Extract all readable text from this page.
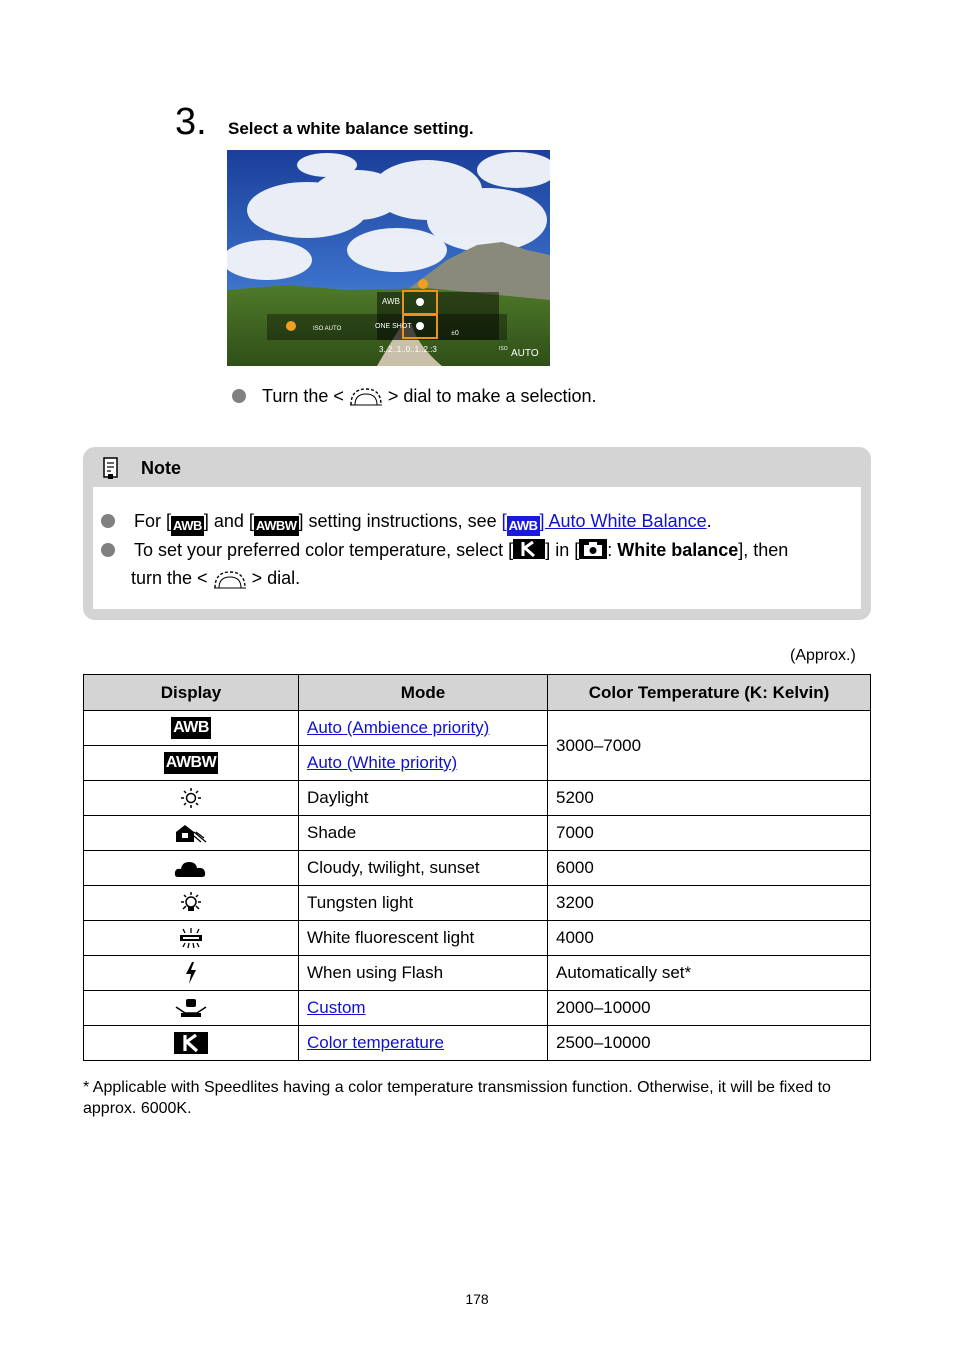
3. Select a white balance setting.
AWB
ISO AUTO	ONE SHOT
±0
3..2..1..0..1..2.:3	ISO AUTO
Turn the < > dial to make a selection.
Note
For [ AWB ] and [ AWBW ] setting instructions, see [ AWB ] Auto White Balance.
To set your preferred color temperature, select [ ] in [ : White balance], then
turn the < > dial.
(Approx.)
Display	Mode	Color Temperature (K: Kelvin)
AWB	Auto (Ambience priority)	3000–7000
AWBW	Auto (White priority)	
	Daylight	5200
	Shade	7000
	Cloudy, twilight, sunset	6000
	Tungsten light	3200
	White fluorescent light	4000
	When using Flash	Automatically set*
	Custom	2000–10000
	Color temperature	2500–10000
* Applicable with Speedlites having a color temperature transmission function. Otherwise, it will be fixed to approx. 6000K.
178
